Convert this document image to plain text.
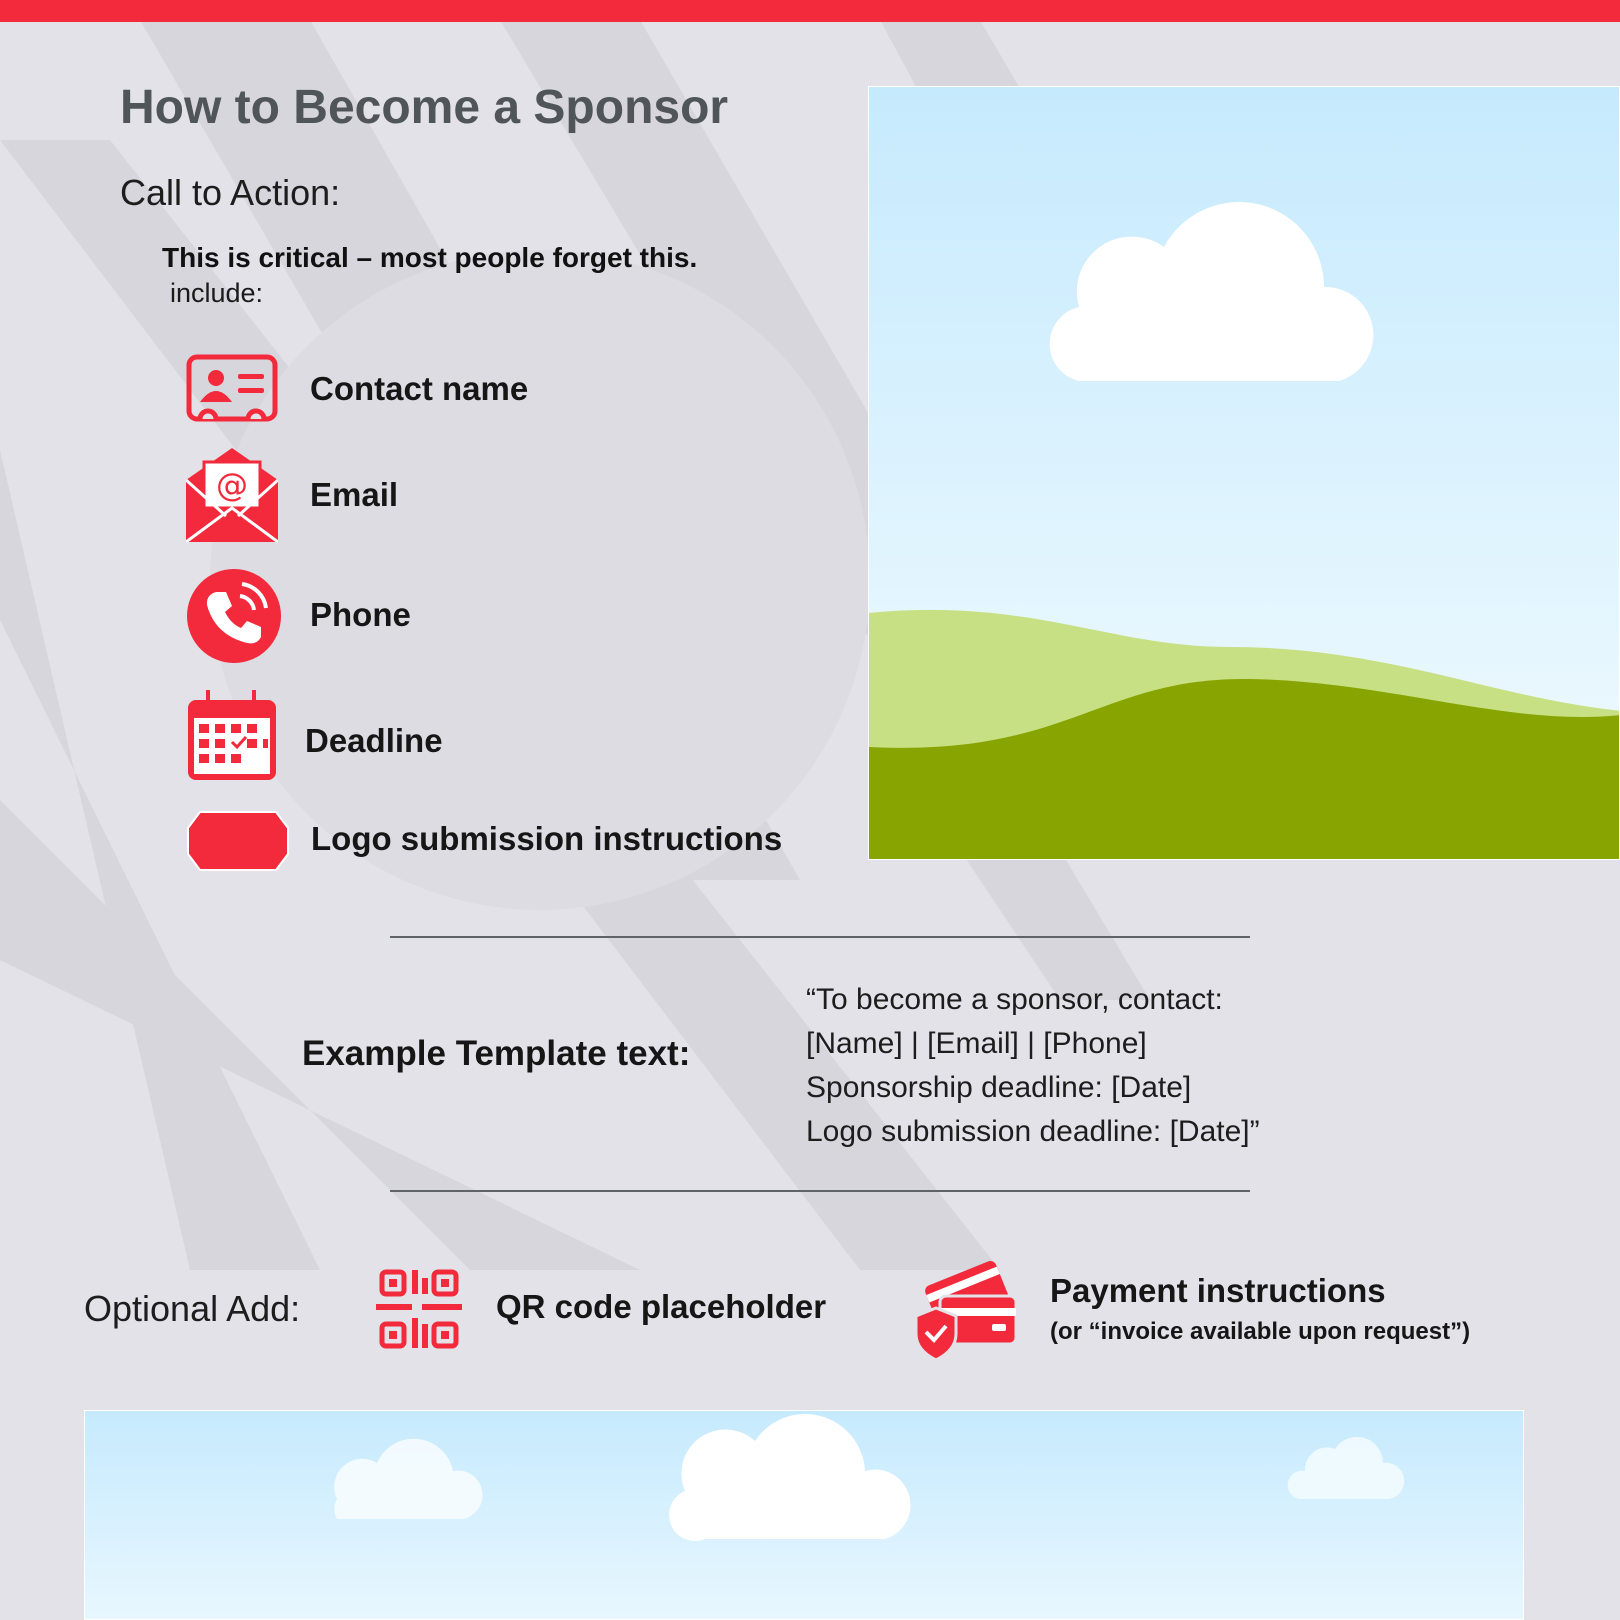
How to Become a Sponsor
Call to Action:
This is critical – most people forget this.
include:
Contact name
@ Email
Phone
Deadline
Logo submission instructions
Example Template text:
“To become a sponsor, contact:
[Name] | [Email] | [Phone]
Sponsorship deadline: [Date]
Logo submission deadline: [Date]”
Optional Add:	QR code placeholder	Payment instructions
(or “invoice available upon request”)
